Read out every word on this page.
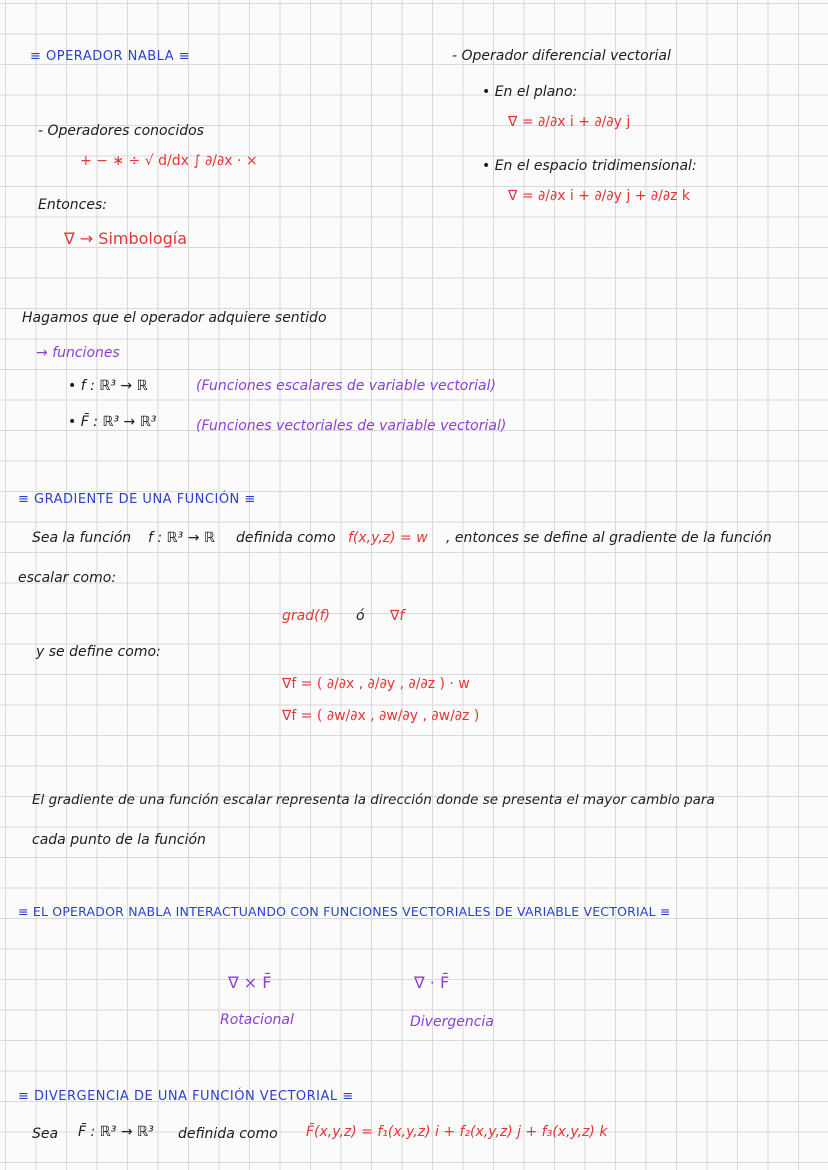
≡ OPERADOR NABLA ≡
- Operadores conocidos
+ − ∗ ÷ √ d/dx ∫ ∂/∂x · ×
Entonces:
∇ → Simbología
- Operador diferencial vectorial
• En el plano:
∇ = ∂/∂x i + ∂/∂y j
• En el espacio tridimensional:
∇ = ∂/∂x i + ∂/∂y j + ∂/∂z k
Hagamos que el operador adquiere sentido
→ funciones
• f : ℝ³ → ℝ	(Funciones escalares de variable vectorial)
• F̄ : ℝ³ → ℝ³	(Funciones vectoriales de variable vectorial)
≡ GRADIENTE DE UNA FUNCIÓN ≡
Sea la función f : ℝ³ → ℝ definida como f(x,y,z) = w , entonces se define al gradiente de la función
escalar como:
grad(f) ó ∇f
y se define como:
∇f = ( ∂/∂x , ∂/∂y , ∂/∂z ) · w
∇f = ( ∂w/∂x , ∂w/∂y , ∂w/∂z )
El gradiente de una función escalar representa la dirección donde se presenta el mayor cambio para
cada punto de la función
≡ EL OPERADOR NABLA INTERACTUANDO CON FUNCIONES VECTORIALES DE VARIABLE VECTORIAL ≡
∇ × F̄
Rotacional
∇ · F̄
Divergencia
≡ DIVERGENCIA DE UNA FUNCIÓN VECTORIAL ≡
Sea F̄ : ℝ³ → ℝ³ definida como F̄(x,y,z) = f₁(x,y,z) i + f₂(x,y,z) j + f₃(x,y,z) k
